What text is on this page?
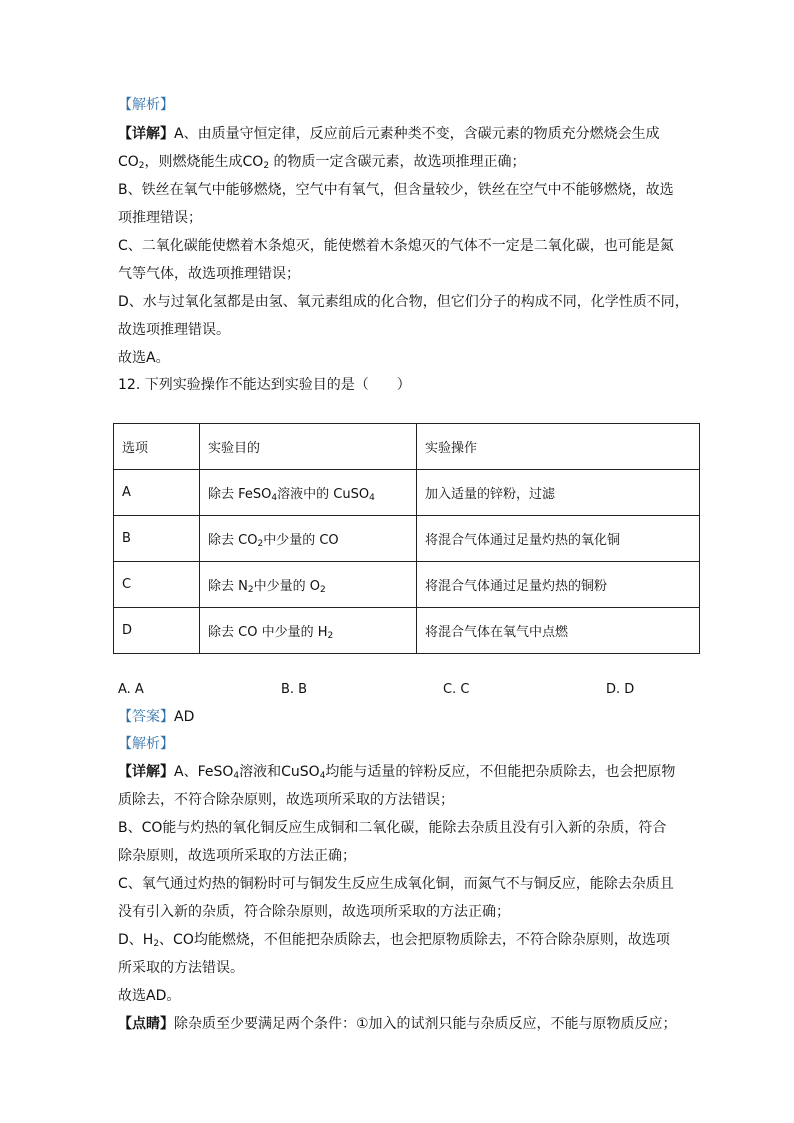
【解析】
【详解】A、由质量守恒定律，反应前后元素种类不变，含碳元素的物质充分燃烧会生成
$CO_2$，则燃烧能生成$CO_2$ 的物质一定含碳元素，故选项推理正确；
B、铁丝在氧气中能够燃烧，空气中有氧气，但含量较少，铁丝在空气中不能够燃烧，故选
项推理错误；
C、二氧化碳能使燃着木条熄灭，能使燃着木条熄灭的气体不一定是二氧化碳，也可能是氮
气等气体，故选项推理错误；
D、水与过氧化氢都是由氢、氧元素组成的化合物，但它们分子的构成不同，化学性质不同，
故选项推理错误。
故选A。
12. 下列实验操作不能达到实验目的是（　　）
选项	实验目的	实验操作
A	除去 FeSO$_4$溶液中的 CuSO$_4$	加入适量的锌粉，过滤
B	除去 $CO_2$中少量的 CO	将混合气体通过足量灼热的氧化铜
C	除去 $N_2$中少量的 $O_2$	将混合气体通过足量灼热的铜粉
D	除去 CO 中少量的 $H_2$	将混合气体在氧气中点燃
A. A	B. B	C. C	D. D
【答案】AD
【解析】
【详解】A、FeSO$_4$溶液和CuSO$_4$均能与适量的锌粉反应，不但能把杂质除去，也会把原物
质除去，不符合除杂原则，故选项所采取的方法错误；
B、CO能与灼热的氧化铜反应生成铜和二氧化碳，能除去杂质且没有引入新的杂质，符合
除杂原则，故选项所采取的方法正确；
C、氧气通过灼热的铜粉时可与铜发生反应生成氧化铜，而氮气不与铜反应，能除去杂质且
没有引入新的杂质，符合除杂原则，故选项所采取的方法正确；
D、$H_2$、CO均能燃烧，不但能把杂质除去，也会把原物质除去，不符合除杂原则，故选项
所采取的方法错误。
故选AD。
【点睛】除杂质至少要满足两个条件：①加入的试剂只能与杂质反应，不能与原物质反应；
